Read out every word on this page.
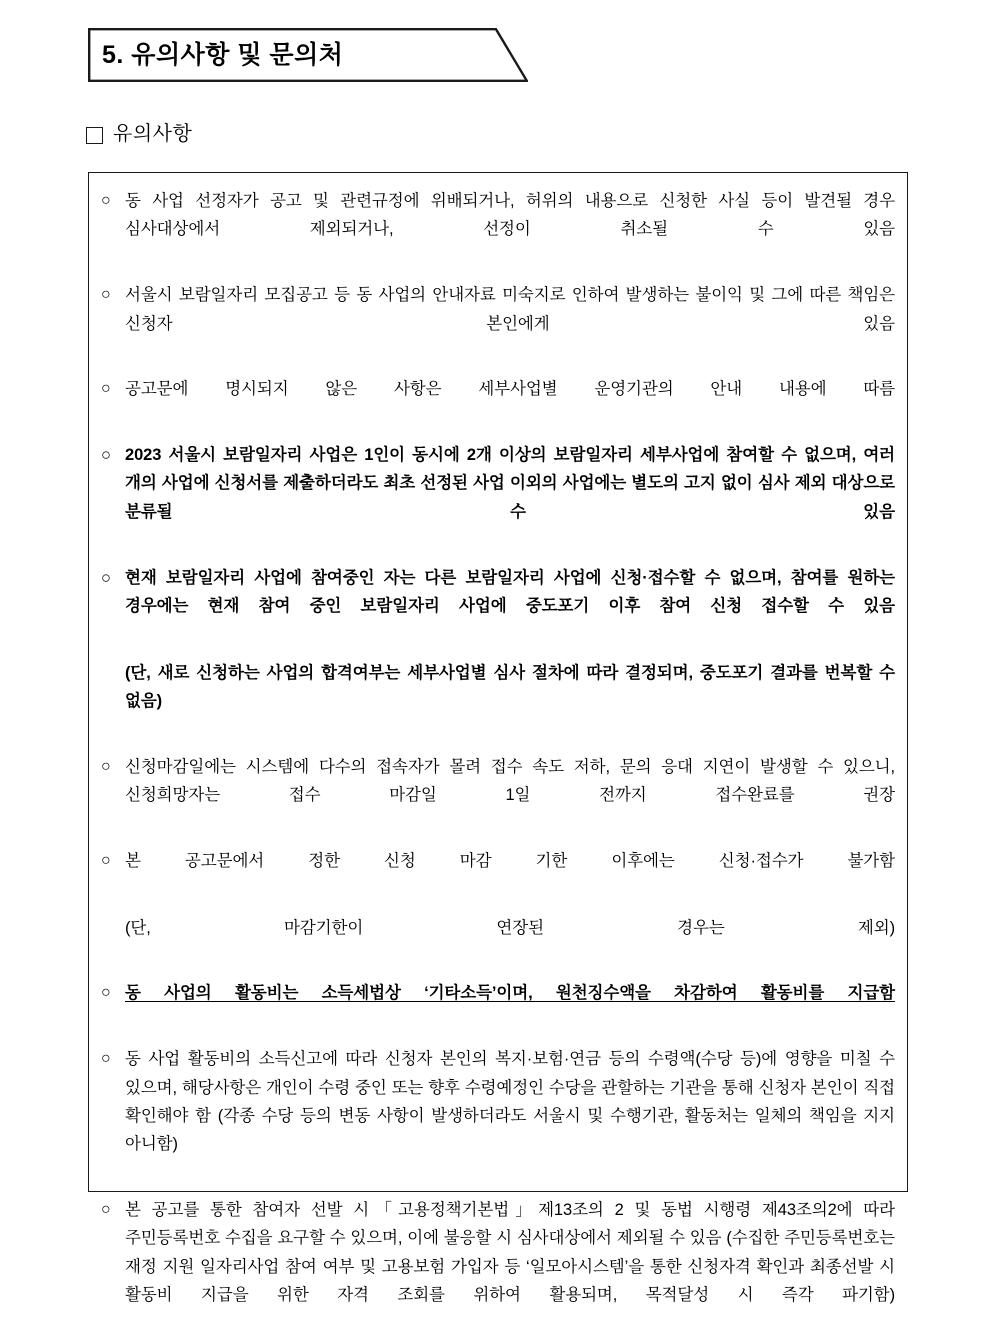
5. 유의사항 및 문의처
유의사항
○ 동 사업 선정자가 공고 및 관련규정에 위배되거나, 허위의 내용으로 신청한 사실 등이 발견될 경우 심사대상에서 제외되거나, 선정이 취소될 수 있음
○ 서울시 보람일자리 모집공고 등 동 사업의 안내자료 미숙지로 인하여 발생하는 불이익 및 그에 따른 책임은 신청자 본인에게 있음
○ 공고문에 명시되지 않은 사항은 세부사업별 운영기관의 안내 내용에 따름
○ 2023 서울시 보람일자리 사업은 1인이 동시에 2개 이상의 보람일자리 세부사업에 참여할 수 없으며, 여러 개의 사업에 신청서를 제출하더라도 최초 선정된 사업 이외의 사업에는 별도의 고지 없이 심사 제외 대상으로 분류될 수 있음
○ 현재 보람일자리 사업에 참여중인 자는 다른 보람일자리 사업에 신청·접수할 수 없으며, 참여를 원하는 경우에는 현재 참여 중인 보람일자리 사업에 중도포기 이후 참여 신청 접수할 수 있음
(단, 새로 신청하는 사업의 합격여부는 세부사업별 심사 절차에 따라 결정되며, 중도포기 결과를 번복할 수 없음)
○ 신청마감일에는 시스템에 다수의 접속자가 몰려 접수 속도 저하, 문의 응대 지연이 발생할 수 있으니, 신청희망자는 접수 마감일 1일 전까지 접수완료를 권장
○ 본 공고문에서 정한 신청 마감 기한 이후에는 신청·접수가 불가함
(단, 마감기한이 연장된 경우는 제외)
○ 동 사업의 활동비는 소득세법상 ‘기타소득’이며, 원천징수액을 차감하여 활동비를 지급함
○ 동 사업 활동비의 소득신고에 따라 신청자 본인의 복지·보험·연금 등의 수령액(수당 등)에 영향을 미칠 수 있으며, 해당사항은 개인이 수령 중인 또는 향후 수령예정인 수당을 관할하는 기관을 통해 신청자 본인이 직접 확인해야 함 (각종 수당 등의 변동 사항이 발생하더라도 서울시 및 수행기관, 활동처는 일체의 책임을 지지 아니함)
○ 본 공고를 통한 참여자 선발 시「고용정책기본법」제13조의 2 및 동법 시행령 제43조의2에 따라 주민등록번호 수집을 요구할 수 있으며, 이에 불응할 시 심사대상에서 제외될 수 있음 (수집한 주민등록번호는 재정 지원 일자리사업 참여 여부 및 고용보험 가입자 등 ‘일모아시스템’을 통한 신청자격 확인과 최종선발 시 활동비 지급을 위한 자격 조회를 위하여 활용되며, 목적달성 시 즉각 파기함)
